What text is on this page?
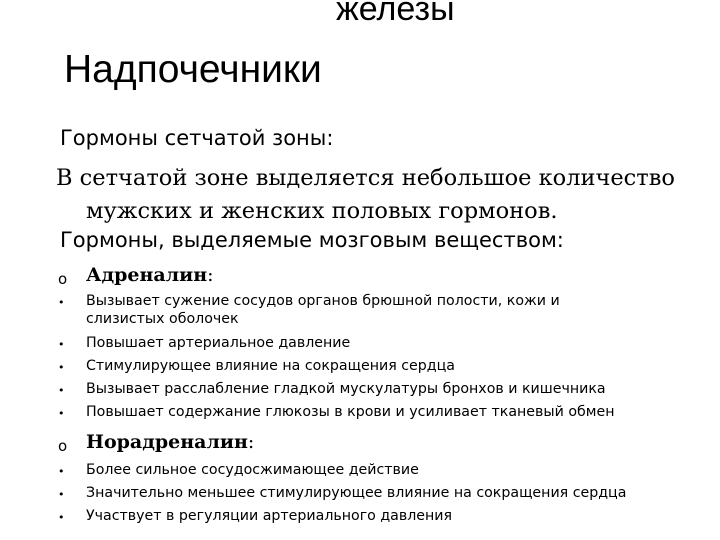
железы
Надпочечники
Гормоны сетчатой зоны:
В сетчатой зоне выделяется небольшое количество
мужских и женских половых гормонов.
Гормоны, выделяемые мозговым веществом:
o Адреналин:
• Вызывает сужение сосудов органов брюшной полости, кожи и
слизистых оболочек
• Повышает артериальное давление
• Стимулирующее влияние на сокращения сердца
• Вызывает расслабление гладкой мускулатуры бронхов и кишечника
• Повышает содержание глюкозы в крови и усиливает тканевый обмен
o Норадреналин:
• Более сильное сосудосжимающее действие
• Значительно меньшее стимулирующее влияние на сокращения сердца
• Участвует в регуляции артериального давления
